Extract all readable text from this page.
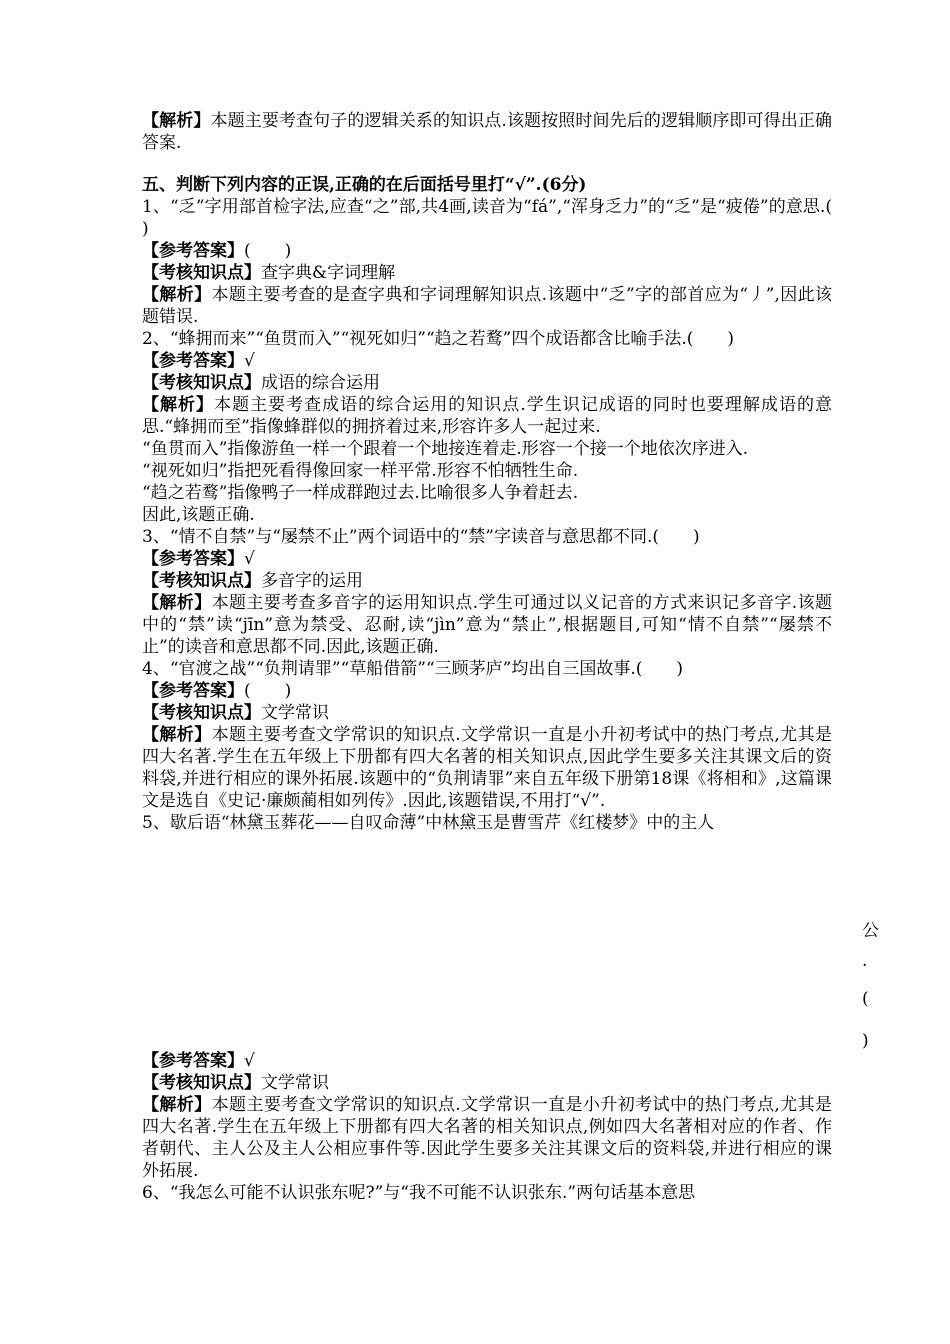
【解析】本题主要考查句子的逻辑关系的知识点.该题按照时间先后的逻辑顺序即可得出正确答案.

五、判断下列内容的正误,正确的在后面括号里打“√”.(6分)

1、“乏”字用部首检字法,应查“之”部,共4画,读音为“fá”,“浑身乏力”的“乏”是“疲倦”的意思.(　　)

【参考答案】(　　)

【考核知识点】查字典&字词理解

【解析】本题主要考查的是查字典和字词理解知识点.该题中“乏”字的部首应为“丿”,因此该题错误.

2、“蜂拥而来”“鱼贯而入”“视死如归”“趋之若鹜”四个成语都含比喻手法.(　　)

【参考答案】√

【考核知识点】成语的综合运用

【解析】本题主要考查成语的综合运用的知识点.学生识记成语的同时也要理解成语的意思.“蜂拥而至”指像蜂群似的拥挤着过来,形容许多人一起过来.

“鱼贯而入”指像游鱼一样一个跟着一个地接连着走.形容一个接一个地依次序进入.

“视死如归”指把死看得像回家一样平常.形容不怕牺牲生命.

“趋之若鹜”指像鸭子一样成群跑过去.比喻很多人争着赶去.

因此,该题正确.

3、“情不自禁”与“屡禁不止”两个词语中的“禁”字读音与意思都不同.(　　)

【参考答案】√

【考核知识点】多音字的运用

【解析】本题主要考查多音字的运用知识点.学生可通过以义记音的方式来识记多音字.该题中的“禁”读“jīn”意为禁受、忍耐,读“jìn”意为“禁止”,根据题目,可知“情不自禁”“屡禁不止”的读音和意思都不同.因此,该题正确.

4、“官渡之战”“负荆请罪”“草船借箭”“三顾茅庐”均出自三国故事.(　　)

【参考答案】(　　)

【考核知识点】文学常识

【解析】本题主要考查文学常识的知识点.文学常识一直是小升初考试中的热门考点,尤其是四大名著.学生在五年级上下册都有四大名著的相关知识点,因此学生要多关注其课文后的资料袋,并进行相应的课外拓展.该题中的“负荆请罪”来自五年级下册第18课《将相和》,这篇课文是选自《史记·廉颇蔺相如列传》.因此,该题错误,不用打“√”.

5、歇后语“林黛玉葬花——自叹命薄”中林黛玉是曹雪芹《红楼梦》中的主人

公
.
(
)

【参考答案】√

【考核知识点】文学常识

【解析】本题主要考查文学常识的知识点.文学常识一直是小升初考试中的热门考点,尤其是四大名著.学生在五年级上下册都有四大名著的相关知识点,例如四大名著相对应的作者、作者朝代、主人公及主人公相应事件等.因此学生要多关注其课文后的资料袋,并进行相应的课外拓展.

6、“我怎么可能不认识张东呢?”与“我不可能不认识张东.”两句话基本意思
